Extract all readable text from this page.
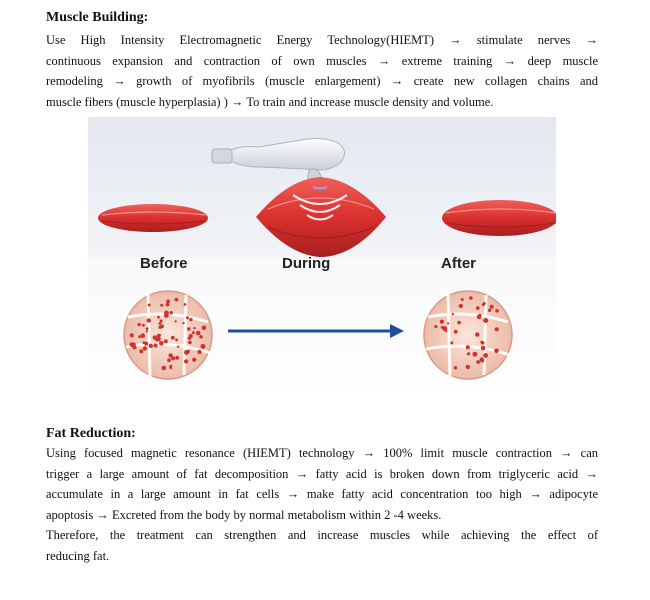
Muscle Building:

Use High Intensity Electromagnetic Energy Technology(HIEMT) → stimulate nerves →
continuous expansion and contraction of own muscles → extreme training → deep muscle
remodeling → growth of myofibrils (muscle enlargement) → create new collagen chains and
muscle fibers (muscle hyperplasia) ) → To train and increase muscle density and volume.

Before	During	After
Fat Reduction:

Using focused magnetic resonance (HIEMT) technology → 100% limit muscle contraction → can
trigger a large amount of fat decomposition → fatty acid is broken down from triglyceric acid →
accumulate in a large amount in fat cells → make fatty acid concentration too high → adipocyte
apoptosis → Excreted from the body by normal metabolism within 2 -4 weeks.
Therefore, the treatment can strengthen and increase muscles while achieving the effect of
reducing fat.
